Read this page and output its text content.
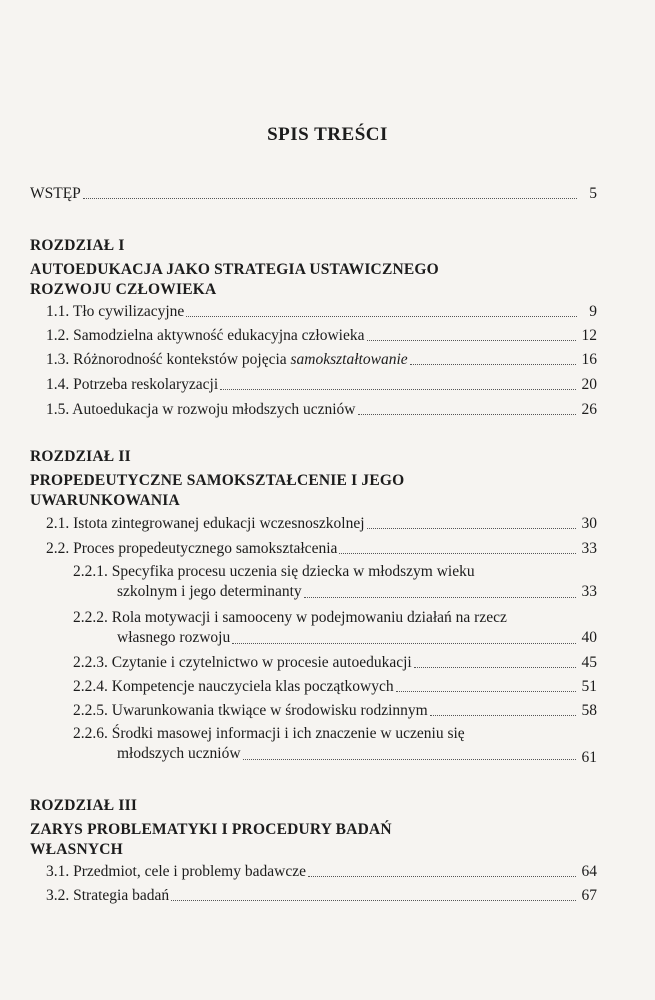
SPIS TREŚCI
WSTĘP	5
ROZDZIAŁ I
AUTOEDUKACJA JAKO STRATEGIA USTAWICZNEGO
ROZWOJU CZŁOWIEKA
1.1. Tło cywilizacyjne	9
1.2. Samodzielna aktywność edukacyjna człowieka	12
1.3. Różnorodność kontekstów pojęcia samokształtowanie	16
1.4. Potrzeba reskolaryzacji	20
1.5. Autoedukacja w rozwoju młodszych uczniów	26
ROZDZIAŁ II
PROPEDEUTYCZNE SAMOKSZTAŁCENIE I JEGO
UWARUNKOWANIA
2.1. Istota zintegrowanej edukacji wczesnoszkolnej	30
2.2. Proces propedeutycznego samokształcenia	33
2.2.1. Specyfika procesu uczenia się dziecka w młodszym wieku
szkolnym i jego determinanty	33
2.2.2. Rola motywacji i samooceny w podejmowaniu działań na rzecz
własnego rozwoju	40
2.2.3. Czytanie i czytelnictwo w procesie autoedukacji	45
2.2.4. Kompetencje nauczyciela klas początkowych	51
2.2.5. Uwarunkowania tkwiące w środowisku rodzinnym	58
2.2.6. Środki masowej informacji i ich znaczenie w uczeniu się
młodszych uczniów	61
ROZDZIAŁ III
ZARYS PROBLEMATYKI I PROCEDURY BADAŃ
WŁASNYCH
3.1. Przedmiot, cele i problemy badawcze	64
3.2. Strategia badań	67
